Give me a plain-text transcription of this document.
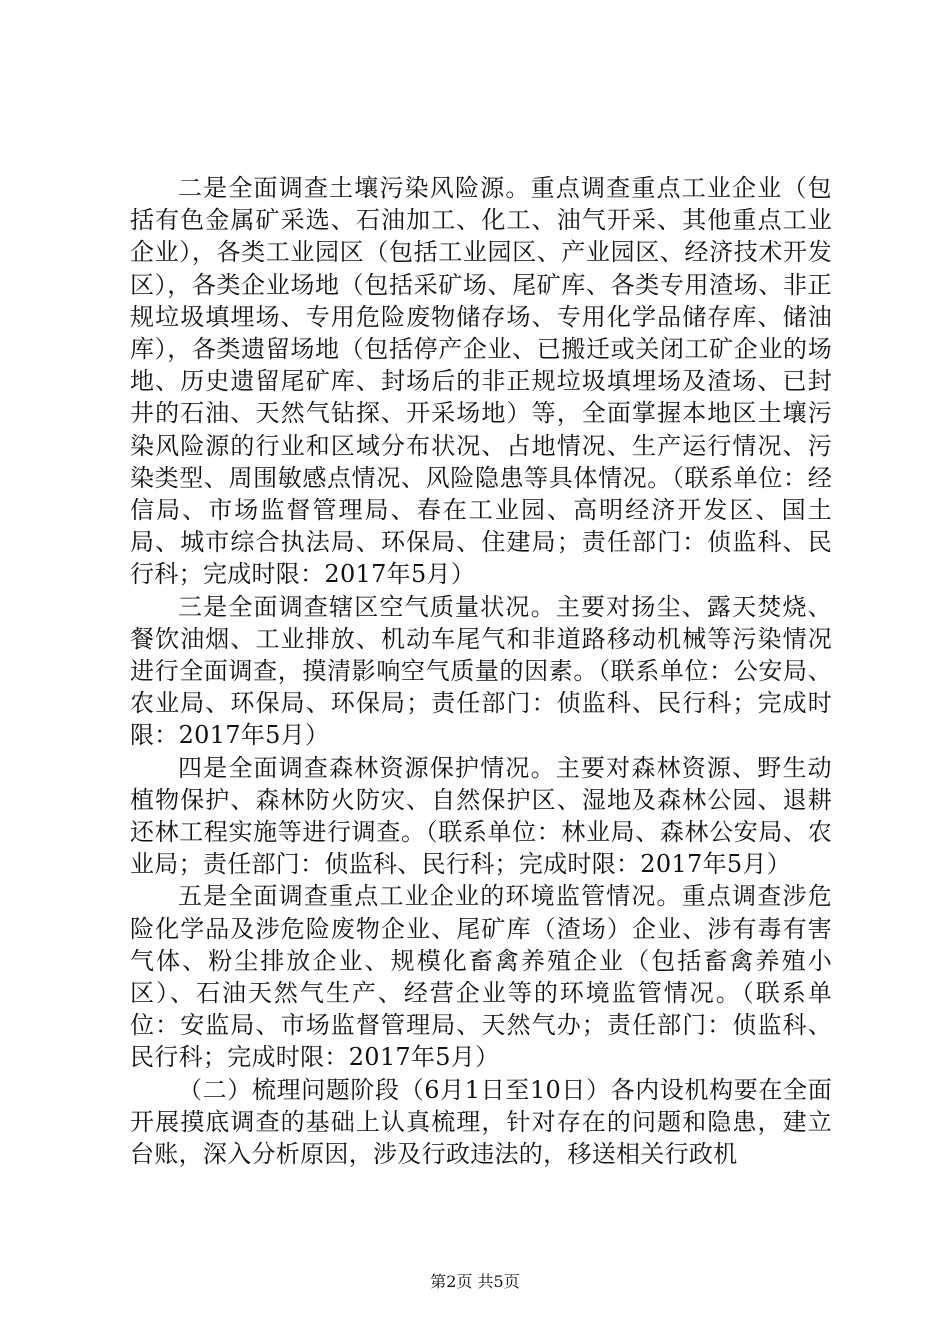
二是全面调查土壤污染风险源。重点调查重点工业企业（包括有色金属矿采选、石油加工、化工、油气开采、其他重点工业企业），各类工业园区（包括工业园区、产业园区、经济技术开发区），各类企业场地（包括采矿场、尾矿库、各类专用渣场、非正规垃圾填埋场、专用危险废物储存场、专用化学品储存库、储油库），各类遗留场地（包括停产企业、已搬迁或关闭工矿企业的场地、历史遗留尾矿库、封场后的非正规垃圾填埋场及渣场、已封井的石油、天然气钻探、开采场地）等，全面掌握本地区土壤污染风险源的行业和区域分布状况、占地情况、生产运行情况、污染类型、周围敏感点情况、风险隐患等具体情况。（联系单位：经信局、市场监督管理局、春在工业园、高明经济开发区、国土局、城市综合执法局、环保局、住建局；责任部门：侦监科、民行科；完成时限：2017年5月）

三是全面调查辖区空气质量状况。主要对扬尘、露天焚烧、餐饮油烟、工业排放、机动车尾气和非道路移动机械等污染情况进行全面调查，摸清影响空气质量的因素。（联系单位：公安局、农业局、环保局、环保局；责任部门：侦监科、民行科；完成时限：2017年5月）

四是全面调查森林资源保护情况。主要对森林资源、野生动植物保护、森林防火防灾、自然保护区、湿地及森林公园、退耕还林工程实施等进行调查。（联系单位：林业局、森林公安局、农业局；责任部门：侦监科、民行科；完成时限：2017年5月）

五是全面调查重点工业企业的环境监管情况。重点调查涉危险化学品及涉危险废物企业、尾矿库（渣场）企业、涉有毒有害气体、粉尘排放企业、规模化畜禽养殖企业（包括畜禽养殖小区）、石油天然气生产、经营企业等的环境监管情况。（联系单位：安监局、市场监督管理局、天然气办；责任部门：侦监科、民行科；完成时限：2017年5月）

（二）梳理问题阶段（6月1日至10日）各内设机构要在全面开展摸底调查的基础上认真梳理，针对存在的问题和隐患，建立台账，深入分析原因，涉及行政违法的，移送相关行政机

第2页 共5页
